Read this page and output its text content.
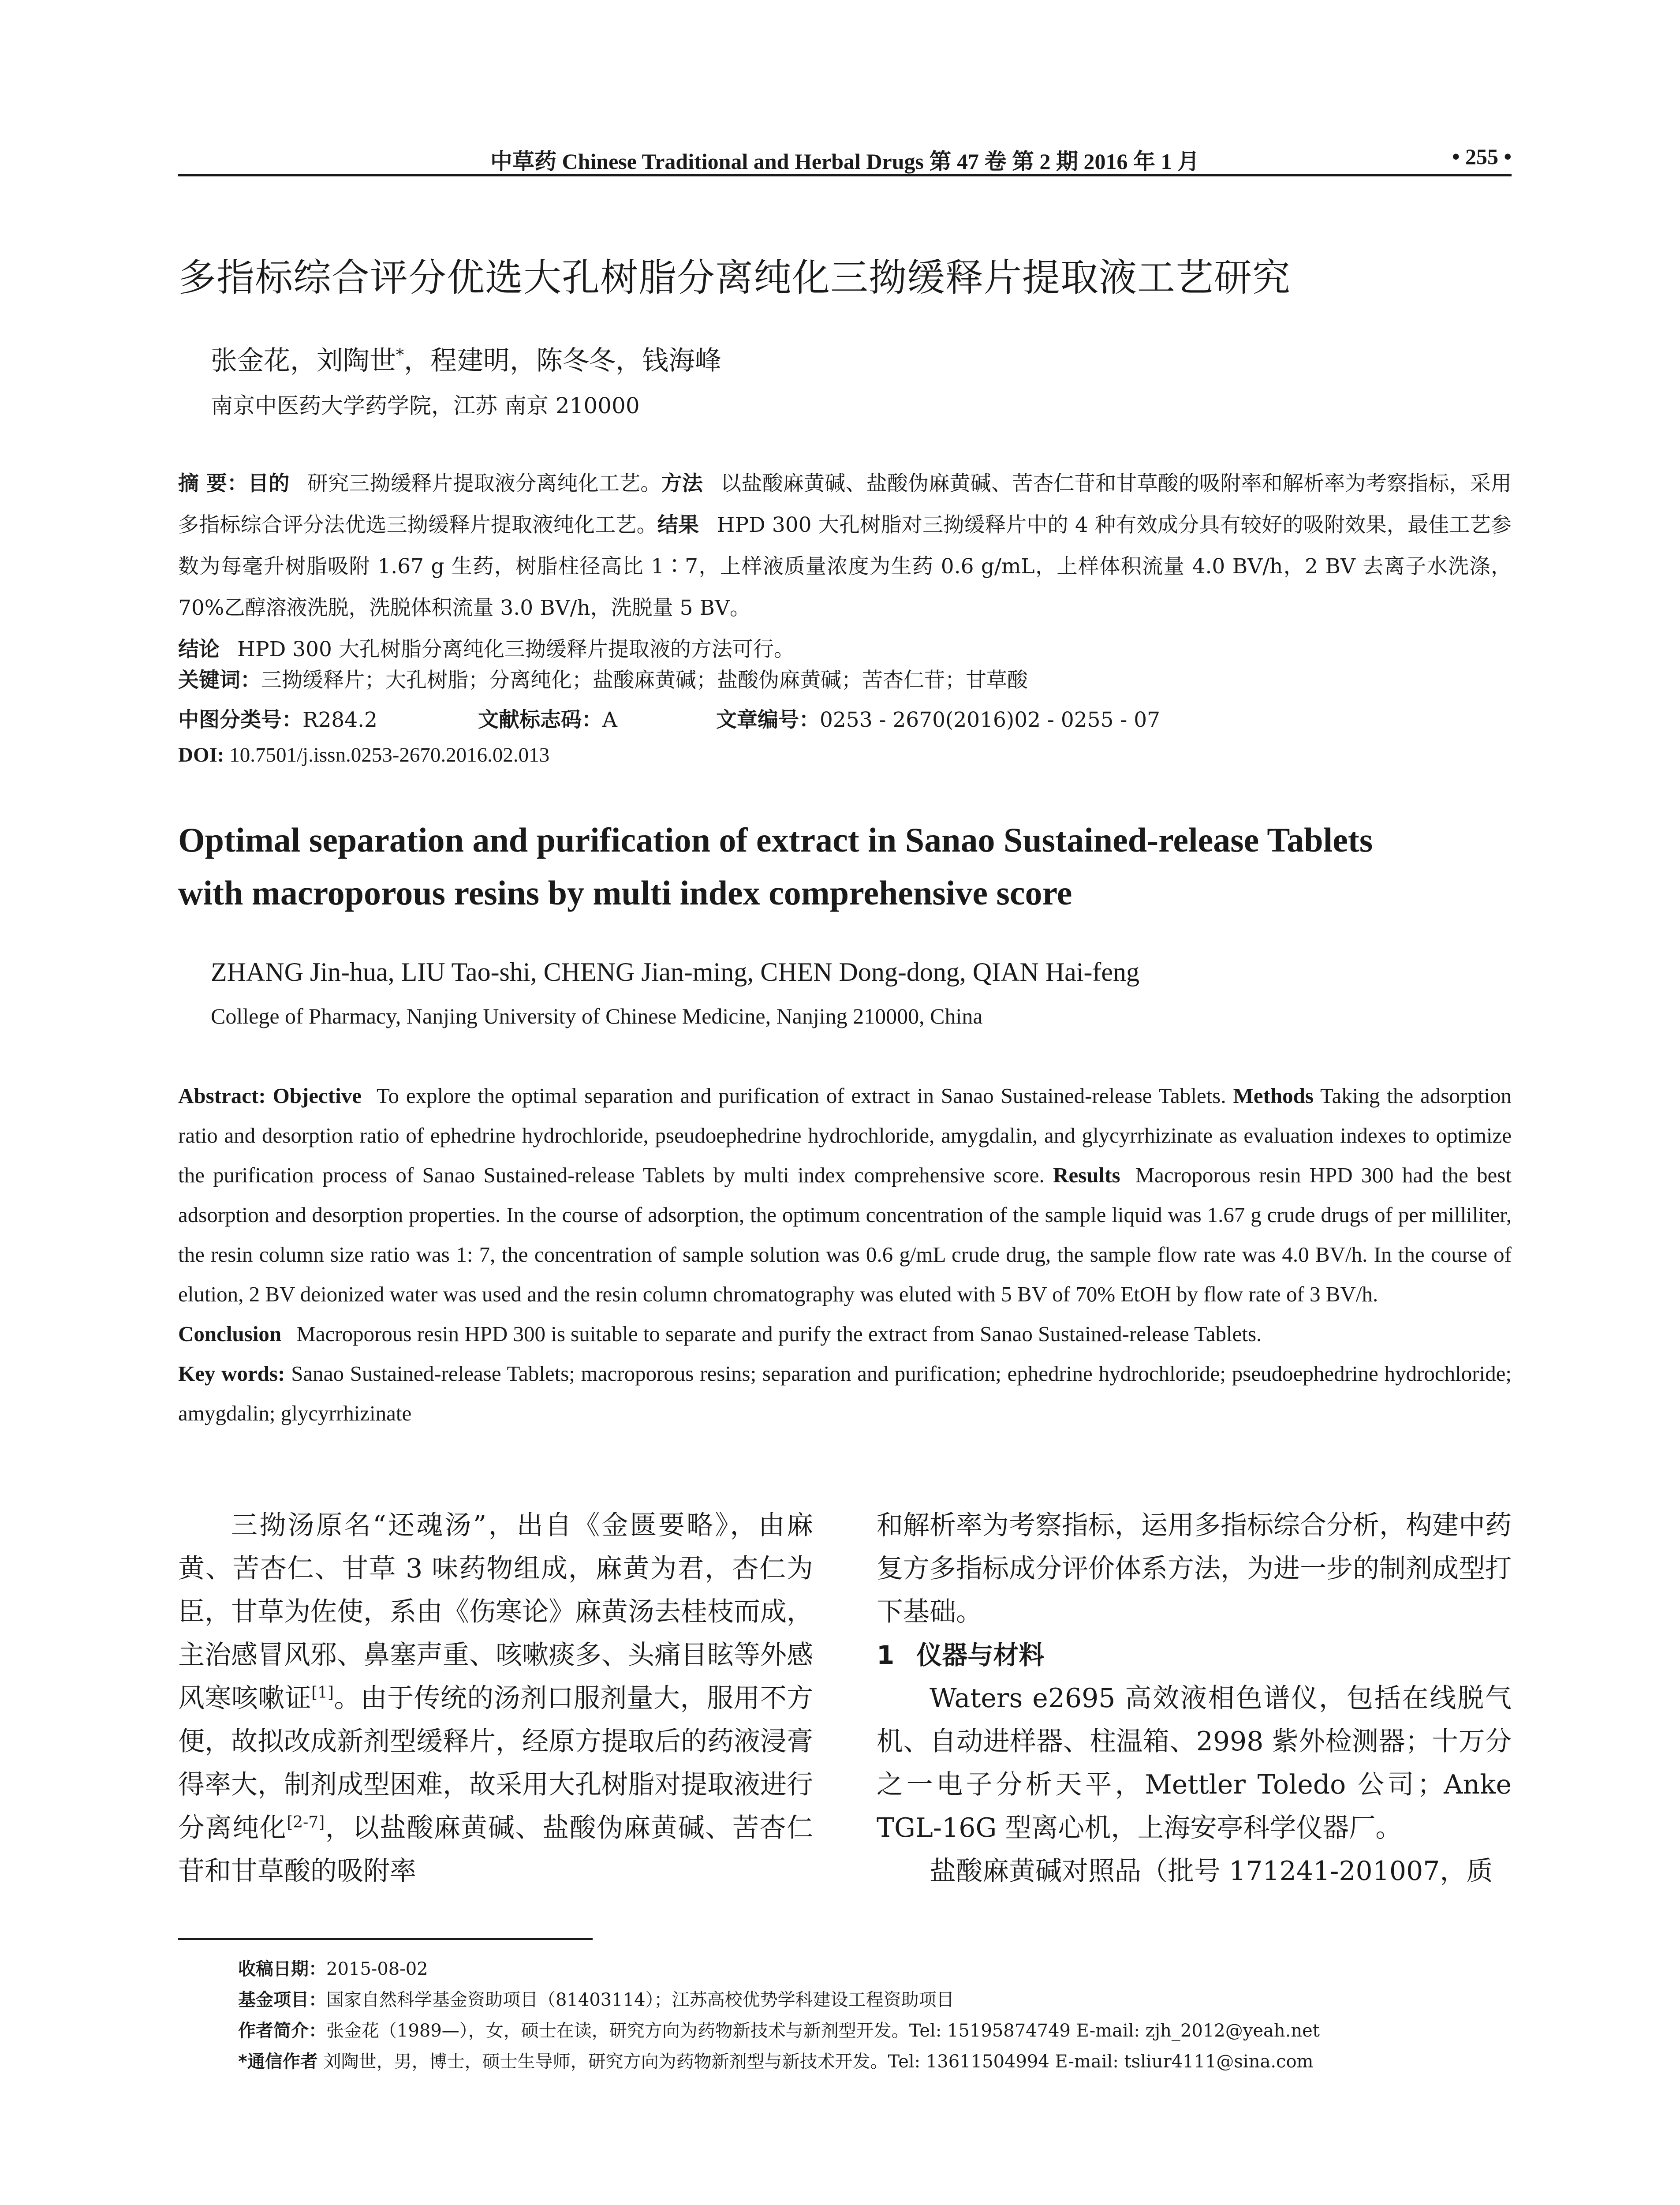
中草药 Chinese Traditional and Herbal Drugs 第 47 卷 第 2 期 2016 年 1 月	• 255 •
多指标综合评分优选大孔树脂分离纯化三拗缓释片提取液工艺研究
张金花，刘陶世*，程建明，陈冬冬，钱海峰
南京中医药大学药学院，江苏 南京 210000
摘 要：目的 研究三拗缓释片提取液分离纯化工艺。方法 以盐酸麻黄碱、盐酸伪麻黄碱、苦杏仁苷和甘草酸的吸附率和解析率为考察指标，采用多指标综合评分法优选三拗缓释片提取液纯化工艺。结果 HPD 300 大孔树脂对三拗缓释片中的 4 种有效成分具有较好的吸附效果，最佳工艺参数为每毫升树脂吸附 1.67 g 生药，树脂柱径高比 1∶7，上样液质量浓度为生药 0.6 g/mL，上样体积流量 4.0 BV/h，2 BV 去离子水洗涤，70%乙醇溶液洗脱，洗脱体积流量 3.0 BV/h，洗脱量 5 BV。
结论 HPD 300 大孔树脂分离纯化三拗缓释片提取液的方法可行。
关键词：三拗缓释片；大孔树脂；分离纯化；盐酸麻黄碱；盐酸伪麻黄碱；苦杏仁苷；甘草酸
中图分类号：R284.2	文献标志码：A	文章编号：0253 - 2670(2016)02 - 0255 - 07
DOI: 10.7501/j.issn.0253-2670.2016.02.013
Optimal separation and purification of extract in Sanao Sustained-release Tablets
with macroporous resins by multi index comprehensive score
ZHANG Jin-hua, LIU Tao-shi, CHENG Jian-ming, CHEN Dong-dong, QIAN Hai-feng
College of Pharmacy, Nanjing University of Chinese Medicine, Nanjing 210000, China
Abstract: Objective To explore the optimal separation and purification of extract in Sanao Sustained-release Tablets. Methods Taking the adsorption ratio and desorption ratio of ephedrine hydrochloride, pseudoephedrine hydrochloride, amygdalin, and glycyrrhizinate as evaluation indexes to optimize the purification process of Sanao Sustained-release Tablets by multi index comprehensive score. Results Macroporous resin HPD 300 had the best adsorption and desorption properties. In the course of adsorption, the optimum concentration of the sample liquid was 1.67 g crude drugs of per milliliter, the resin column size ratio was 1: 7, the concentration of sample solution was 0.6 g/mL crude drug, the sample flow rate was 4.0 BV/h. In the course of elution, 2 BV deionized water was used and the resin column chromatography was eluted with 5 BV of 70% EtOH by flow rate of 3 BV/h.
Conclusion Macroporous resin HPD 300 is suitable to separate and purify the extract from Sanao Sustained-release Tablets.
Key words: Sanao Sustained-release Tablets; macroporous resins; separation and purification; ephedrine hydrochloride; pseudoephedrine hydrochloride; amygdalin; glycyrrhizinate

三拗汤原名“还魂汤”，出自《金匮要略》，由麻黄、苦杏仁、甘草 3 味药物组成，麻黄为君，杏仁为臣，甘草为佐使，系由《伤寒论》麻黄汤去桂枝而成，主治感冒风邪、鼻塞声重、咳嗽痰多、头痛目眩等外感风寒咳嗽证[1]。由于传统的汤剂口服剂量大，服用不方便，故拟改成新剂型缓释片，经原方提取后的药液浸膏得率大，制剂成型困难，故采用大孔树脂对提取液进行分离纯化[2-7]，以盐酸麻黄碱、盐酸伪麻黄碱、苦杏仁苷和甘草酸的吸附率

和解析率为考察指标，运用多指标综合分析，构建中药复方多指标成分评价体系方法，为进一步的制剂成型打下基础。

1 仪器与材料

Waters e2695 高效液相色谱仪，包括在线脱气机、自动进样器、柱温箱、2998 紫外检测器；十万分之一电子分析天平，Mettler Toledo 公司；Anke TGL-16G 型离心机，上海安亭科学仪器厂。

盐酸麻黄碱对照品（批号 171241-201007，质

收稿日期：2015-08-02
基金项目：国家自然科学基金资助项目（81403114）；江苏高校优势学科建设工程资助项目
作者简介：张金花（1989—），女，硕士在读，研究方向为药物新技术与新剂型开发。Tel: 15195874749 E-mail: zjh_2012@yeah.net
*通信作者 刘陶世，男，博士，硕士生导师，研究方向为药物新剂型与新技术开发。Tel: 13611504994 E-mail: tsliur4111@sina.com
